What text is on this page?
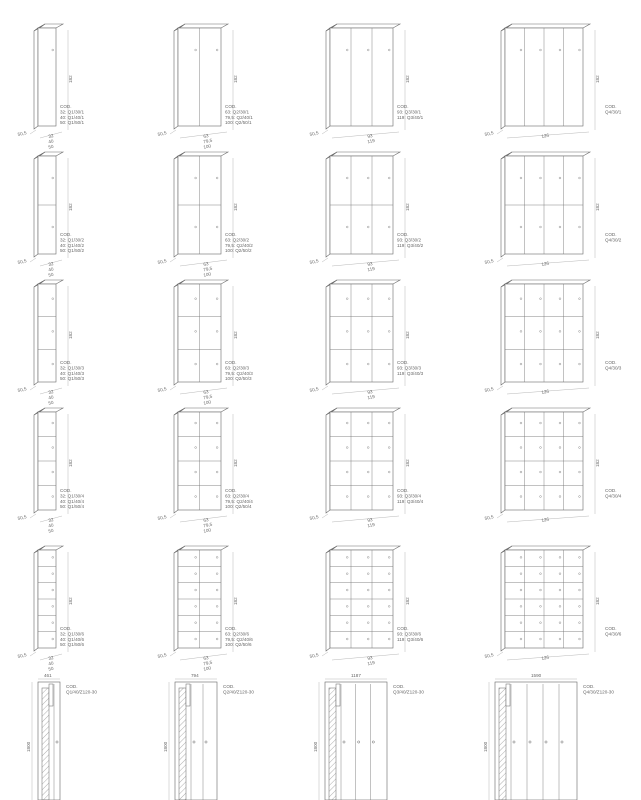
182
50,5	32
40
50
COD.
32: Q1/30/1
40: Q1/40/1
50: Q1/50/1
182
50,5	63
79,5
100
COD.
63: Q2/30/1
79,5: Q2/40/1
100: Q2/50/1
182
50,5	93
119
COD.
93: Q3/30/1
119: Q3/40/1
182
50,5	126
COD.
Q4/30/1
182
50,5	32
40
50
COD.
32: Q1/30/2
40: Q1/40/2
50: Q1/50/2
182
50,5	63
79,5
100
COD.
63: Q2/30/2
79,5: Q2/40/2
100: Q2/50/2
182
50,5	93
119
COD.
93: Q3/30/2
119: Q3/40/2
182
50,5	126
COD.
Q4/30/2
182
50,5	32
40
50
COD.
32: Q1/30/3
40: Q1/40/3
50: Q1/50/3
182
50,5	63
79,5
100
COD.
63: Q2/30/3
79,5: Q2/40/3
100: Q2/50/3
182
50,5	93
119
COD.
93: Q3/30/3
119: Q3/40/3
182
50,5	126
COD.
Q4/30/3
182
50,5	32
40
50
COD.
32: Q1/30/4
40: Q1/40/4
50: Q1/50/4
182
50,5	63
79,5
100
COD.
63: Q2/30/4
79,5: Q2/40/4
100: Q2/50/4
182
50,5	93
119
COD.
93: Q3/30/4
119: Q3/40/4
182
50,5	126
COD.
Q4/30/4
182
50,5	32
40
50
COD.
32: Q1/30/6
40: Q1/40/6
50: Q1/50/6
182
50,5	63
79,5
100
COD.
63: Q2/30/6
79,5: Q2/40/6
100: Q2/50/6
182
50,5	93
119
COD.
93: Q3/30/6
119: Q3/40/6
182
50,5	126
COD.
Q4/30/6
461
1800
COD.
Q1/40/Z120-30
794
1800
COD.
Q2/40/Z120-30
1187
1800
COD.
Q3/40/Z120-30
1590
1800
COD.
Q4/30/Z120-30
